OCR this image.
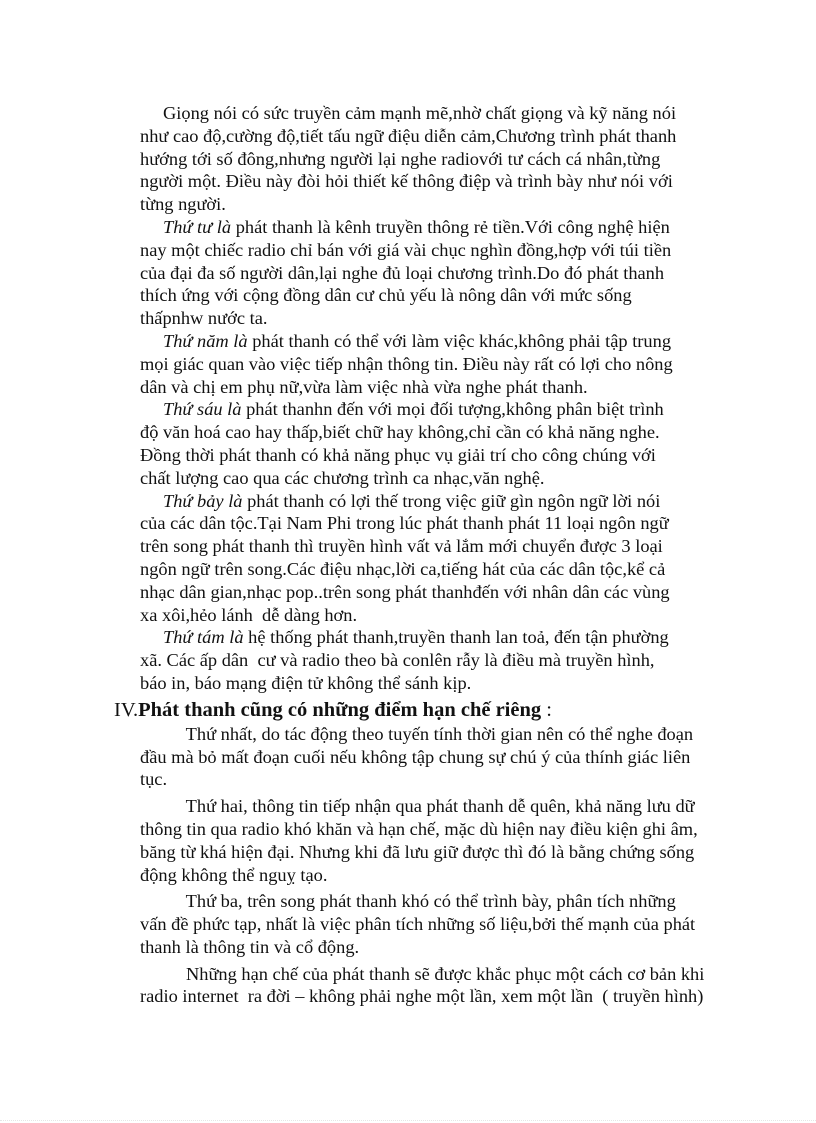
Giọng nói có sức truyền cảm mạnh mẽ,nhờ chất giọng và kỹ năng nói
như cao độ,cường độ,tiết tấu ngữ điệu diễn cảm,Chương trình phát thanh
hướng tới số đông,nhưng người lại nghe radiovới tư cách cá nhân,từng
người một. Điều này đòi hỏi thiết kế thông điệp và trình bày như nói với
từng người.

Thứ tư là phát thanh là kênh truyền thông rẻ tiền.Với công nghệ hiện
nay một chiếc radio chỉ bán với giá vài chục nghìn đồng,hợp với túi tiền
của đại đa số người dân,lại nghe đủ loại chương trình.Do đó phát thanh
thích ứng với cộng đồng dân cư chủ yếu là nông dân với mức sống
thấpnhw nước ta.

Thứ năm là phát thanh có thể với làm việc khác,không phải tập trung
mọi giác quan vào việc tiếp nhận thông tin. Điều này rất có lợi cho nông
dân và chị em phụ nữ,vừa làm việc nhà vừa nghe phát thanh.

Thứ sáu là phát thanhn đến với mọi đối tượng,không phân biệt trình
độ văn hoá cao hay thấp,biết chữ hay không,chỉ cần có khả năng nghe.
Đồng thời phát thanh có khả năng phục vụ giải trí cho công chúng với
chất lượng cao qua các chương trình ca nhạc,văn nghệ.

Thứ bảy là phát thanh có lợi thế trong việc giữ gìn ngôn ngữ lời nói
của các dân tộc.Tại Nam Phi trong lúc phát thanh phát 11 loại ngôn ngữ
trên song phát thanh thì truyền hình vất vả lắm mới chuyển được 3 loại
ngôn ngữ trên song.Các điệu nhạc,lời ca,tiếng hát của các dân tộc,kể cả
nhạc dân gian,nhạc pop..trên song phát thanhđến với nhân dân các vùng
xa xôi,hẻo lánh  dễ dàng hơn.

Thứ tám là hệ thống phát thanh,truyền thanh lan toả, đến tận phường
xã. Các ấp dân  cư và radio theo bà conlên rẫy là điều mà truyền hình,
báo in, báo mạng điện tử không thể sánh kịp.

IV.Phát thanh cũng có những điểm hạn chế riêng :

Thứ nhất, do tác động theo tuyến tính thời gian nên có thể nghe đoạn
đầu mà bỏ mất đoạn cuối nếu không tập chung sự chú ý của thính giác liên
tục.

Thứ hai, thông tin tiếp nhận qua phát thanh dễ quên, khả năng lưu dữ
thông tin qua radio khó khăn và hạn chế, mặc dù hiện nay điều kiện ghi âm,
băng từ khá hiện đại. Nhưng khi đã lưu giữ được thì đó là bằng chứng sống
động không thể nguỵ tạo.

Thứ ba, trên song phát thanh khó có thể trình bày, phân tích những
vấn đề phức tạp, nhất là việc phân tích những số liệu,bởi thế mạnh của phát
thanh là thông tin và cổ động.

Những hạn chế của phát thanh sẽ được khắc phục một cách cơ bản khi
radio internet  ra đời – không phải nghe một lần, xem một lần  ( truyền hình)
